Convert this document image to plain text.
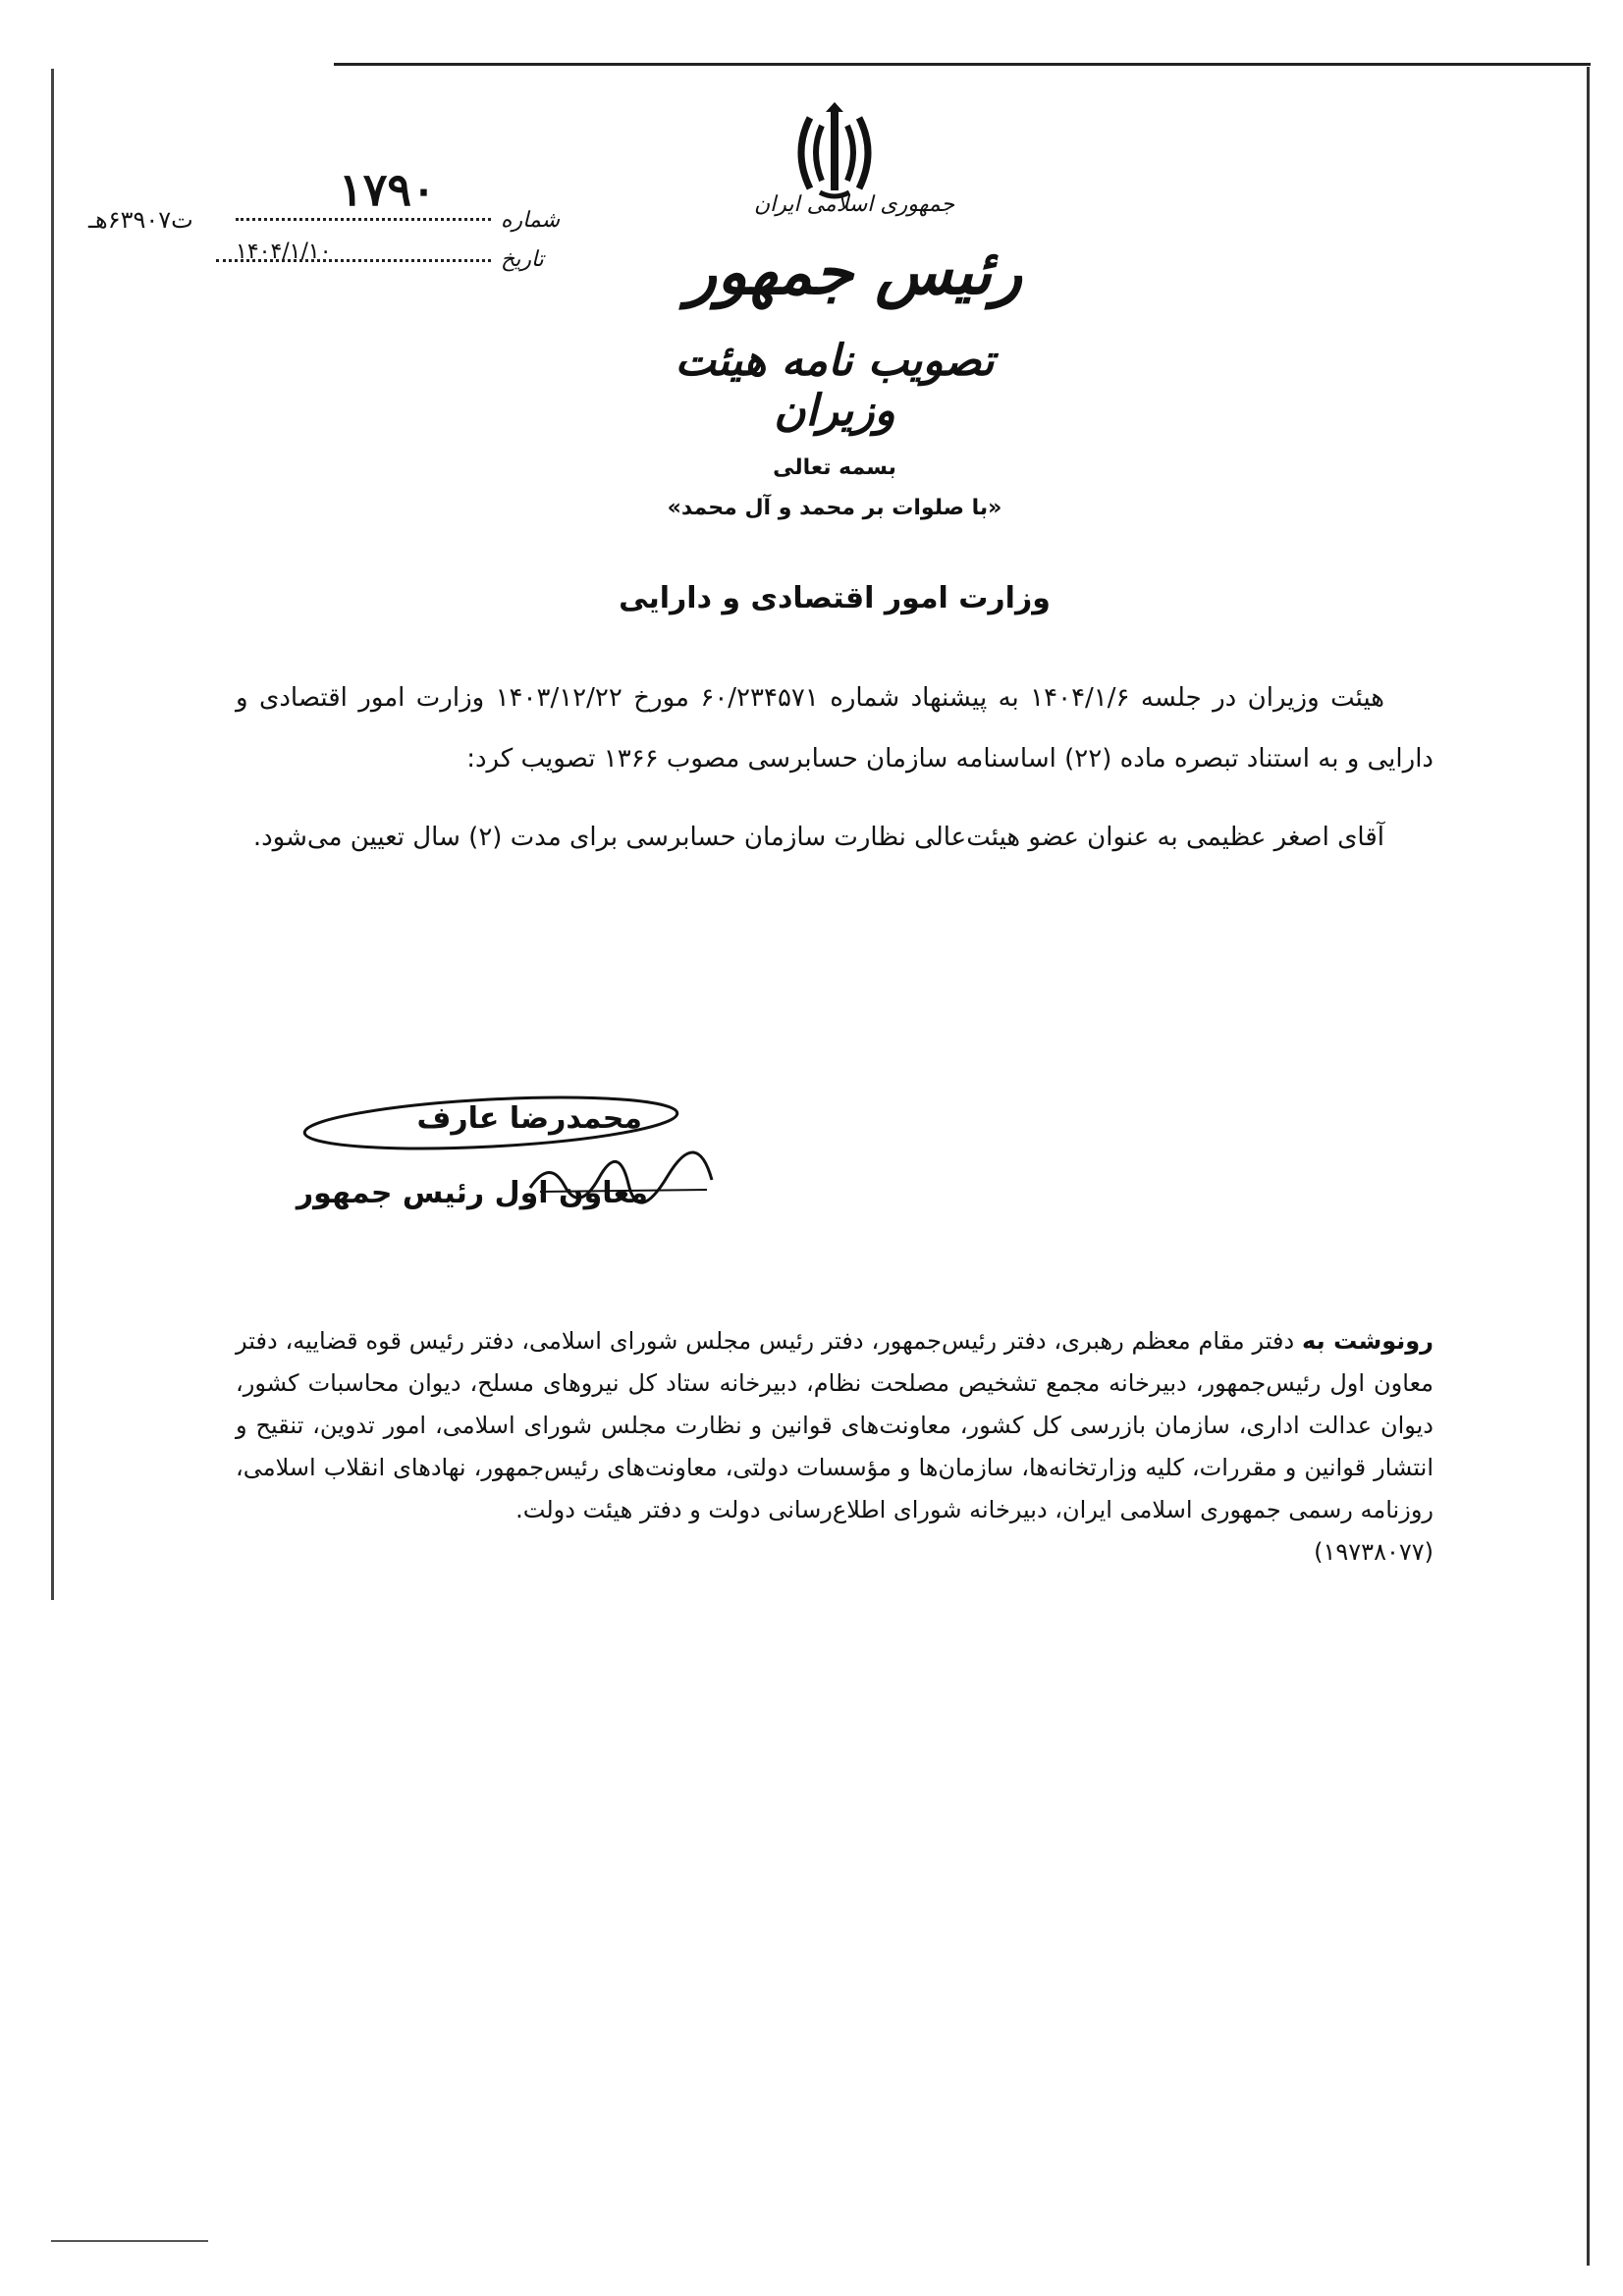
جمهوری اسلامی ایران
رئیس جمهور
تصویب نامه هیئت وزیران
۱۷۹۰
شماره
ت۶۳۹۰۷هـ
۱۴۰۴/۱/۱۰	تاریخ
بسمه تعالی
«با صلوات بر محمد و آل محمد»
وزارت امور اقتصادی و دارایی

هیئت وزیران در جلسه ۱۴۰۴/۱/۶ به پیشنهاد شماره ۶۰/۲۳۴۵۷۱ مورخ ۱۴۰۳/۱۲/۲۲ وزارت امور اقتصادی و دارایی و به استناد تبصره ماده (۲۲) اساسنامه سازمان حسابرسی مصوب ۱۳۶۶ تصویب کرد:

آقای اصغر عظیمی به عنوان عضو هیئت‌عالی نظارت سازمان حسابرسی برای مدت (۲) سال تعیین می‌شود.

محمدرضا عارف
معاون اول رئیس جمهور
رونوشت به دفتر مقام معظم رهبری، دفتر رئیس‌جمهور، دفتر رئیس مجلس شورای اسلامی، دفتر رئیس قوه قضاییه، دفتر معاون اول رئیس‌جمهور، دبیرخانه مجمع تشخیص مصلحت نظام، دبیرخانه ستاد کل نیروهای مسلح، دیوان محاسبات کشور، دیوان عدالت اداری، سازمان بازرسی کل کشور، معاونت‌های قوانین و نظارت مجلس شورای اسلامی، امور تدوین، تنقیح و انتشار قوانین و مقررات، کلیه وزارتخانه‌ها، سازمان‌ها و مؤسسات دولتی، معاونت‌های رئیس‌جمهور، نهادهای انقلاب اسلامی، روزنامه رسمی جمهوری اسلامی ایران، دبیرخانه شورای اطلاع‌رسانی دولت و دفتر هیئت دولت.
(۱۹۷۳۸۰۷۷)
